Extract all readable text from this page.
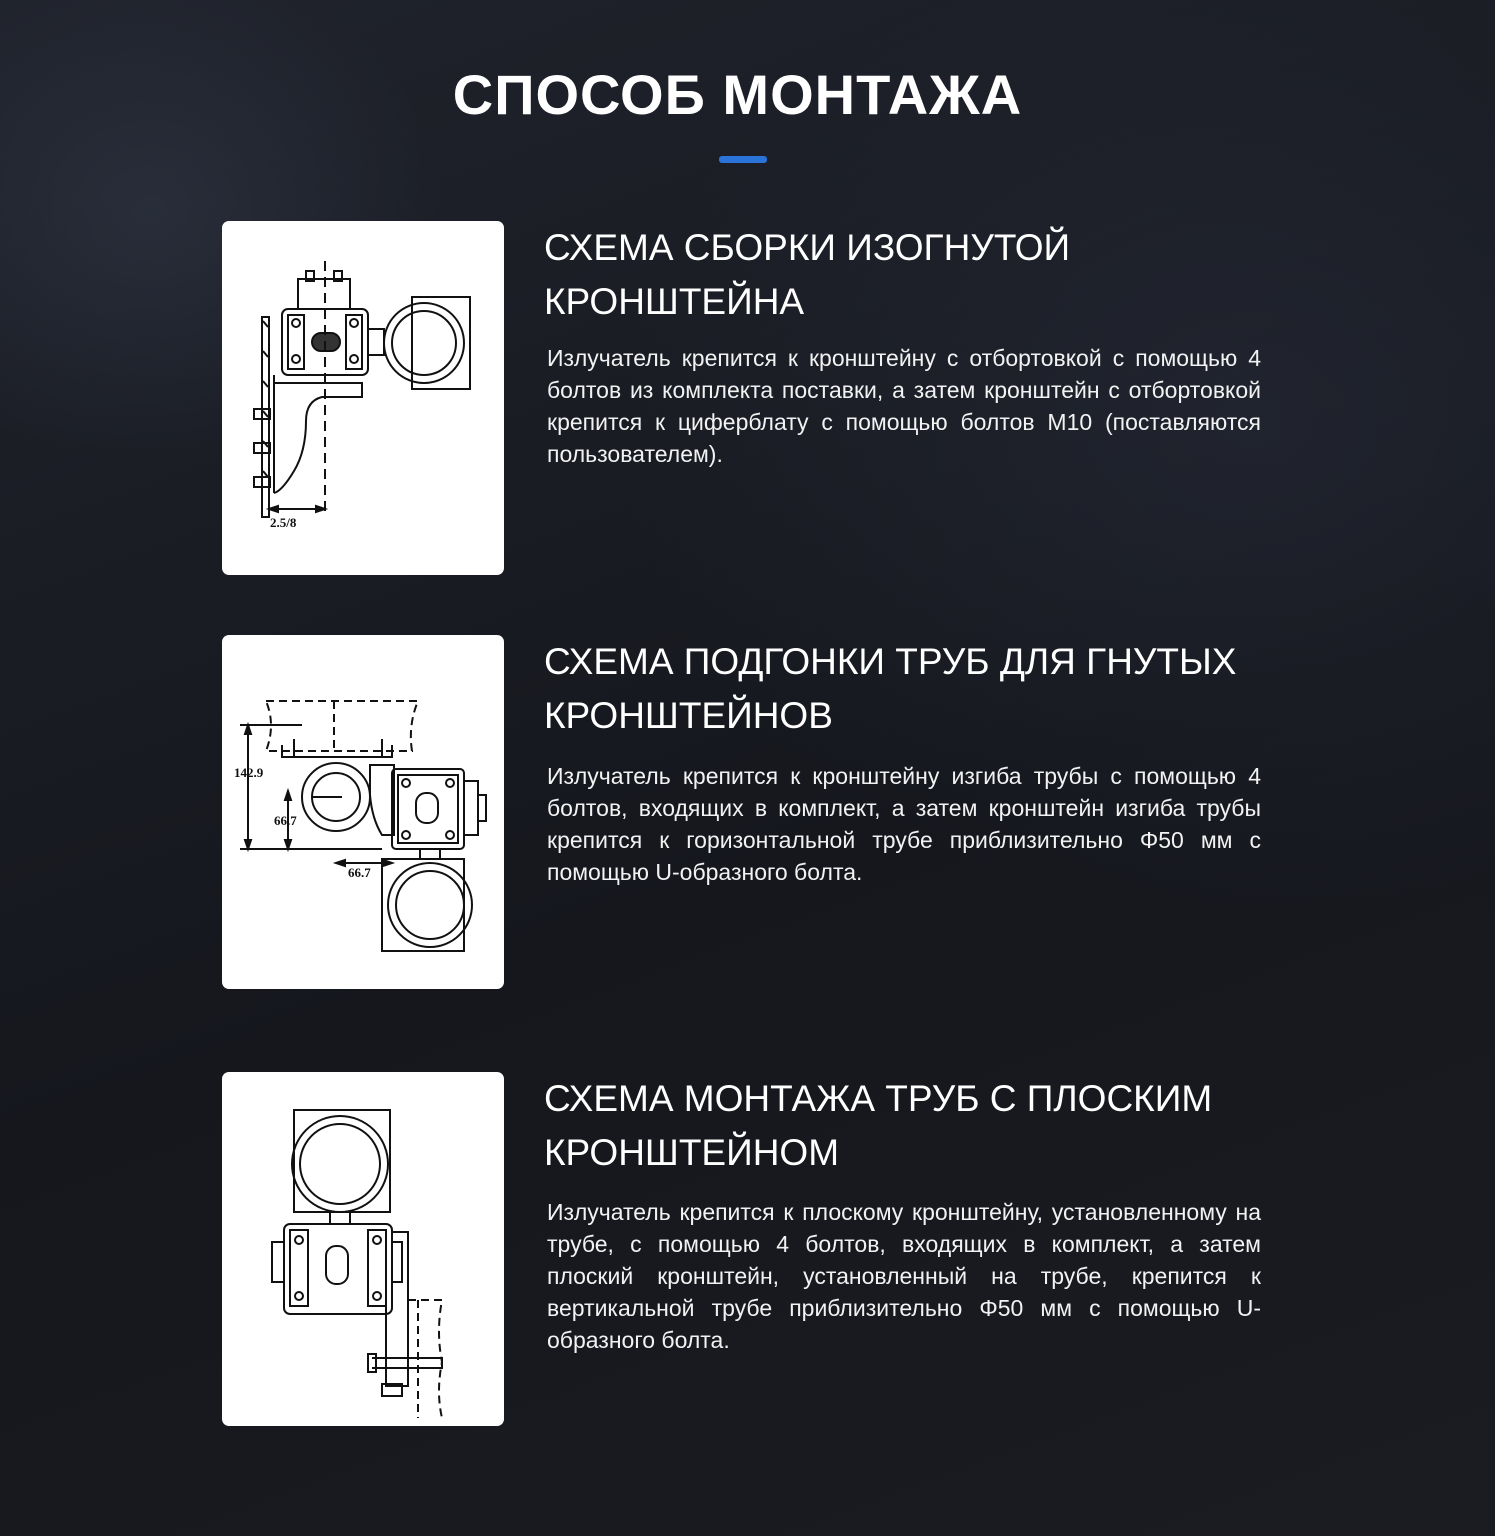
СПОСОБ МОНТАЖА
2.5/8
СХЕМА СБОРКИ ИЗОГНУТОЙ КРОНШТЕЙНА

Излучатель крепится к кронштейну с отбортовкой с помощью 4 болтов из комплекта поставки, а затем кронштейн с отбортовкой крепится к циферблату с помощью болтов M10 (поставляются пользователем).

142.9
66.7
66.7
СХЕМА ПОДГОНКИ ТРУБ ДЛЯ ГНУТЫХ КРОНШТЕЙНОВ

Излучатель крепится к кронштейну изгиба трубы с помощью 4 болтов, входящих в комплект, а затем кронштейн изгиба трубы крепится к горизонтальной трубе приблизительно Φ50 мм с помощью U-образного болта.

СХЕМА МОНТАЖА ТРУБ С ПЛОСКИМ КРОНШТЕЙНОМ

Излучатель крепится к плоскому кронштейну, установленному на трубе, с помощью 4 болтов, входящих в комплект, а затем плоский кронштейн, установленный на трубе, крепится к вертикальной трубе приблизительно Φ50 мм с помощью U-образного болта.
